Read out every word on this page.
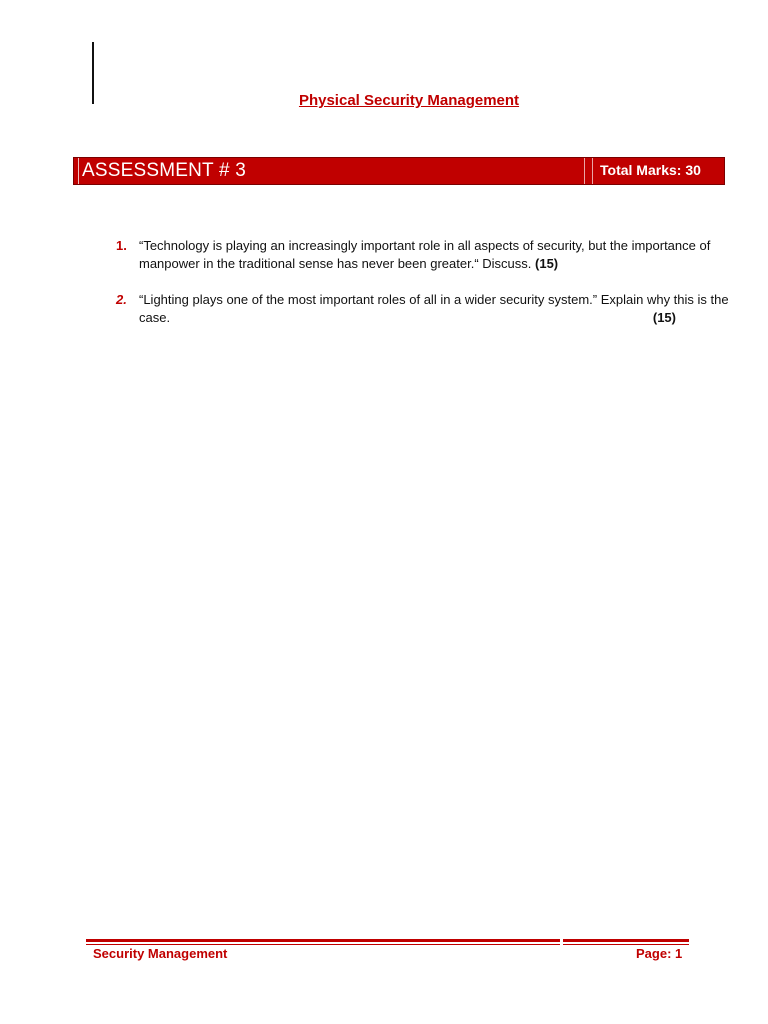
Physical Security Management
ASSESSMENT # 3	Total Marks: 30
1. “Technology is playing an increasingly important role in all aspects of security, but the importance of manpower in the traditional sense has never been greater.“ Discuss. (15)
2. “Lighting plays one of the most important roles of all in a wider security system.” Explain why this is the case.	(15)
Security Management	Page: 1
